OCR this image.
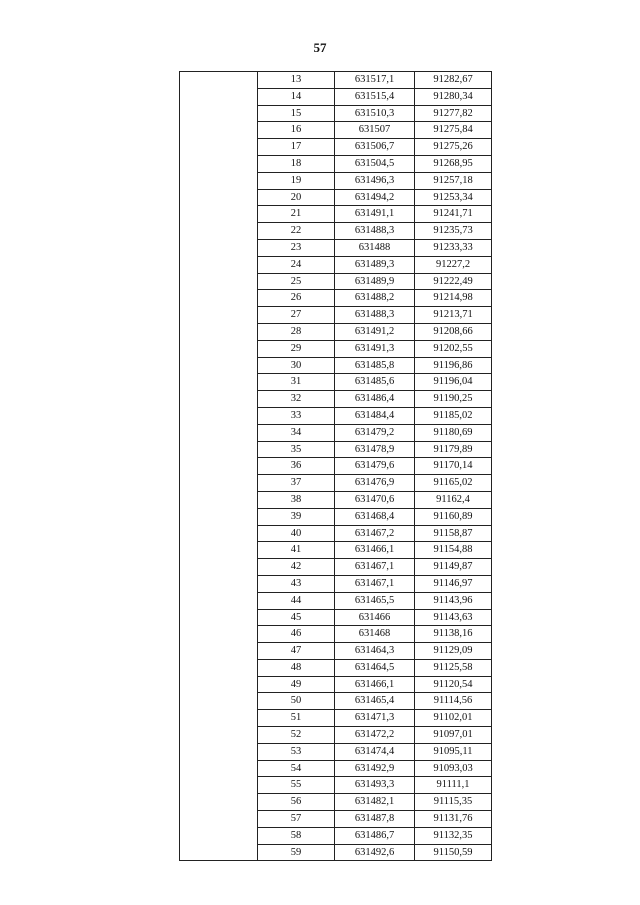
57
	13	631517,1	91282,67
	14	631515,4	91280,34
	15	631510,3	91277,82
	16	631507	91275,84
	17	631506,7	91275,26
	18	631504,5	91268,95
	19	631496,3	91257,18
	20	631494,2	91253,34
	21	631491,1	91241,71
	22	631488,3	91235,73
	23	631488	91233,33
	24	631489,3	91227,2
	25	631489,9	91222,49
	26	631488,2	91214,98
	27	631488,3	91213,71
	28	631491,2	91208,66
	29	631491,3	91202,55
	30	631485,8	91196,86
	31	631485,6	91196,04
	32	631486,4	91190,25
	33	631484,4	91185,02
	34	631479,2	91180,69
	35	631478,9	91179,89
	36	631479,6	91170,14
	37	631476,9	91165,02
	38	631470,6	91162,4
	39	631468,4	91160,89
	40	631467,2	91158,87
	41	631466,1	91154,88
	42	631467,1	91149,87
	43	631467,1	91146,97
	44	631465,5	91143,96
	45	631466	91143,63
	46	631468	91138,16
	47	631464,3	91129,09
	48	631464,5	91125,58
	49	631466,1	91120,54
	50	631465,4	91114,56
	51	631471,3	91102,01
	52	631472,2	91097,01
	53	631474,4	91095,11
	54	631492,9	91093,03
	55	631493,3	91111,1
	56	631482,1	91115,35
	57	631487,8	91131,76
	58	631486,7	91132,35
	59	631492,6	91150,59
